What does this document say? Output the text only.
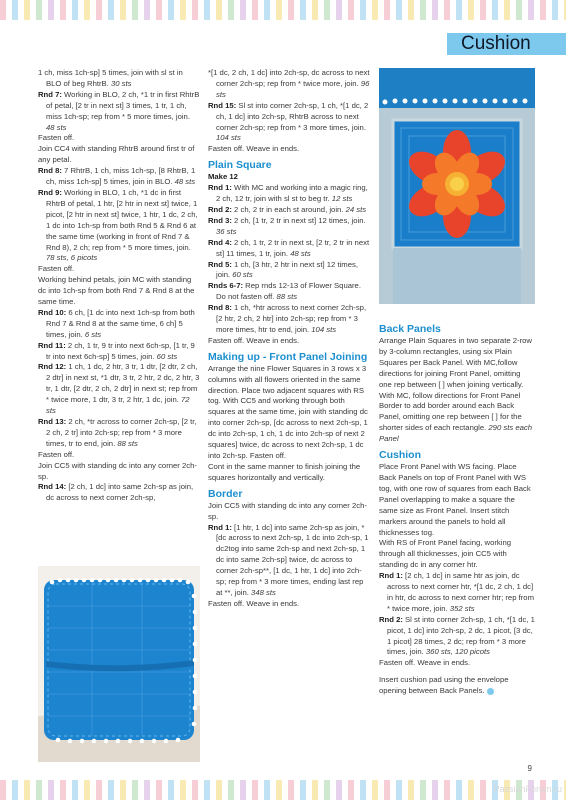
Cushion

1 ch, miss 1ch-sp] 5 times, join with sl st in BLO of beg RhtrB. 30 sts

Rnd 7: Working in BLO, 2 ch, *1 tr in first RhtrB of petal, [2 tr in next st] 3 times, 1 tr, 1 ch, miss 1ch-sp; rep from * 5 more times, join. 48 sts

Fasten off.

Join CC4 with standing RhtrB around first tr of any petal.

Rnd 8: 7 RhtrB, 1 ch, miss 1ch-sp, [8 RhtrB, 1 ch, miss 1ch-sp] 5 times, join in BLO. 48 sts

Rnd 9: Working in BLO, 1 ch, *1 dc in first RhtrB of petal, 1 htr, [2 htr in next st] twice, 1 picot, [2 htr in next st] twice, 1 htr, 1 dc, 2 ch, 1 dc into 1ch-sp from both Rnd 5 & Rnd 6 at the same time (working in front of Rnd 7 & Rnd 8), 2 ch; rep from * 5 more times, join. 78 sts, 6 picots

Fasten off.

Working behind petals, join MC with standing dc into 1ch-sp from both Rnd 7 & Rnd 8 at the same time.

Rnd 10: 6 ch, [1 dc into next 1ch-sp from both Rnd 7 & Rnd 8 at the same time, 6 ch] 5 times, join. 6 sts

Rnd 11: 2 ch, 1 tr, 9 tr into next 6ch-sp, [1 tr, 9 tr into next 6ch-sp] 5 times, join. 60 sts

Rnd 12: 1 ch, 1 dc, 2 htr, 3 tr, 1 dtr, [2 dtr, 2 ch, 2 dtr] in next st, *1 dtr, 3 tr, 2 htr, 2 dc, 2 htr, 3 tr, 1 dtr, [2 dtr, 2 ch, 2 dtr] in next st; rep from * twice more, 1 dtr, 3 tr, 2 htr, 1 dc, join. 72 sts

Rnd 13: 2 ch, *tr across to corner 2ch-sp, [2 tr, 2 ch, 2 tr] into 2ch-sp; rep from * 3 more times, tr to end, join. 88 sts

Fasten off.

Join CC5 with standing dc into any corner 2ch-sp.

Rnd 14: [2 ch, 1 dc] into same 2ch-sp as join, dc across to next corner 2ch-sp,

*[1 dc, 2 ch, 1 dc] into 2ch-sp, dc across to next corner 2ch-sp; rep from * twice more, join. 96 sts

Rnd 15: Sl st into corner 2ch-sp, 1 ch, *[1 dc, 2 ch, 1 dc] into 2ch-sp, RhtrB across to next corner 2ch-sp; rep from * 3 more times, join. 104 sts

Fasten off. Weave in ends.

Plain Square

Make 12

Rnd 1: With MC and working into a magic ring, 2 ch, 12 tr, join with sl st to beg tr. 12 sts

Rnd 2: 2 ch, 2 tr in each st around, join. 24 sts

Rnd 3: 2 ch, [1 tr, 2 tr in next st] 12 times, join. 36 sts

Rnd 4: 2 ch, 1 tr, 2 tr in next st, [2 tr, 2 tr in next st] 11 times, 1 tr, join. 48 sts

Rnd 5: 1 ch, [3 htr, 2 htr in next st] 12 times, join. 60 sts

Rnds 6-7: Rep rnds 12-13 of Flower Square. Do not fasten off. 88 sts

Rnd 8: 1 ch, *htr across to next corner 2ch-sp, [2 htr, 2 ch, 2 htr] into 2ch-sp; rep from * 3 more times, htr to end, join. 104 sts

Fasten off. Weave in ends.

Making up - Front Panel Joining

Arrange the nine Flower Squares in 3 rows x 3 columns with all flowers oriented in the same direction. Place two adjacent squares with RS tog. With CC5 and working through both squares at the same time, join with standing dc into corner 2ch-sp, [dc across to next 2ch-sp, 1 dc into 2ch-sp, 1 ch, 1 dc into 2ch-sp of next 2 squares] twice, dc across to next 2ch-sp, 1 dc into 2ch-sp. Fasten off.

Cont in the same manner to finish joining the squares horizontally and vertically.

Border

Join CC5 with standing dc into any corner 2ch-sp.

Rnd 1: [1 htr, 1 dc] into same 2ch-sp as join, *[dc across to next 2ch-sp, 1 dc into 2ch-sp, 1 dc2tog into same 2ch-sp and next 2ch-sp, 1 dc into same 2ch-sp] twice, dc across to corner 2ch-sp**, [1 dc, 1 htr, 1 dc] into 2ch-sp; rep from * 3 more times, ending last rep at **, join. 348 sts

Fasten off. Weave in ends.

Back Panels

Arrange Plain Squares in two separate 2-row by 3-column rectangles, using six Plain Squares per Back Panel. With MC,follow directions for joining Front Panel, omitting one rep between [ ] when joining vertically.

With MC, follow directions for Front Panel Border to add border around each Back Panel, omitting one rep between [ ] for the shorter sides of each rectangle. 290 sts each Panel

Cushion

Place Front Panel with WS facing. Place Back Panels on top of Front Panel with WS tog, with one row of squares from each Back Panel overlapping to make a square the same size as Front Panel. Insert stitch markers around the panels to hold all thicknesses tog.

With RS of Front Panel facing, working through all thicknesses, join CC5 with standing dc in any corner htr.

Rnd 1: [2 ch, 1 dc] in same htr as join, dc across to next corner htr, *[1 dc, 2 ch, 1 dc] in htr, dc across to next corner htr; rep from * twice more, join. 352 sts

Rnd 2: Sl st into corner 2ch-sp, 1 ch, *[1 dc, 1 picot, 1 dc] into 2ch-sp, 2 dc, 1 picot, [3 dc, 1 picot] 28 times, 2 dc; rep from * 3 more times, join. 360 sts, 120 picots

Fasten off. Weave in ends.

Insert cushion pad using the envelope opening between Back Panels.

9
PassionForum.ru
